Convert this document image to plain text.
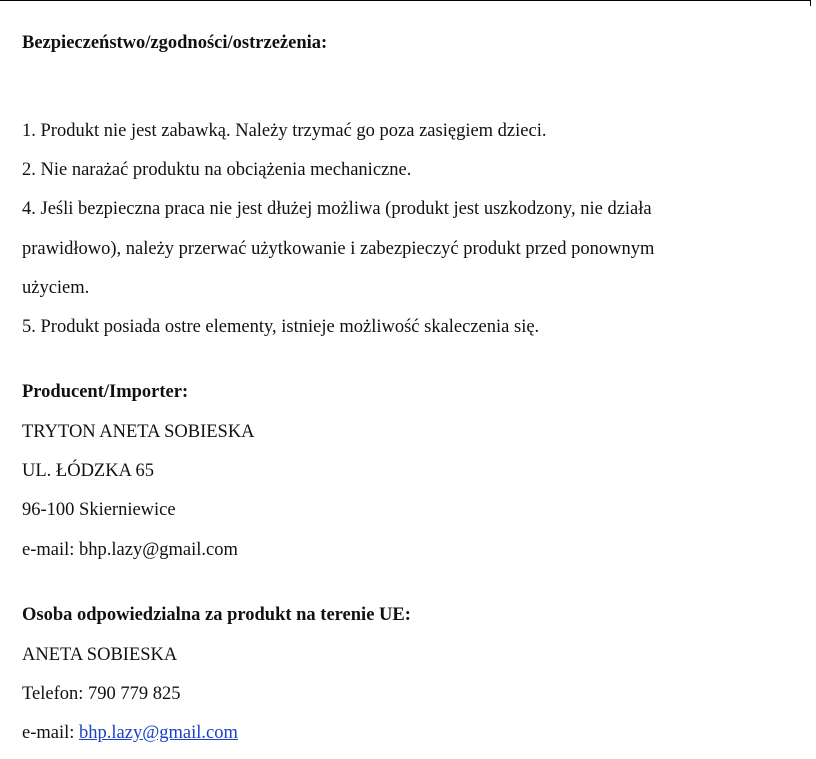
Bezpieczeństwo/zgodności/ostrzeżenia:
1. Produkt nie jest zabawką. Należy trzymać go poza zasięgiem dzieci.
2. Nie narażać produktu na obciążenia mechaniczne.
4. Jeśli bezpieczna praca nie jest dłużej możliwa (produkt jest uszkodzony, nie działa
prawidłowo), należy przerwać użytkowanie i zabezpieczyć produkt przed ponownym
użyciem.
5. Produkt posiada ostre elementy, istnieje możliwość skaleczenia się.
Producent/Importer:
TRYTON ANETA SOBIESKA
UL. ŁÓDZKA 65
96-100 Skierniewice
e-mail: bhp.lazy@gmail.com
Osoba odpowiedzialna za produkt na terenie UE:
ANETA SOBIESKA
Telefon: 790 779 825
e-mail: bhp.lazy@gmail.com
